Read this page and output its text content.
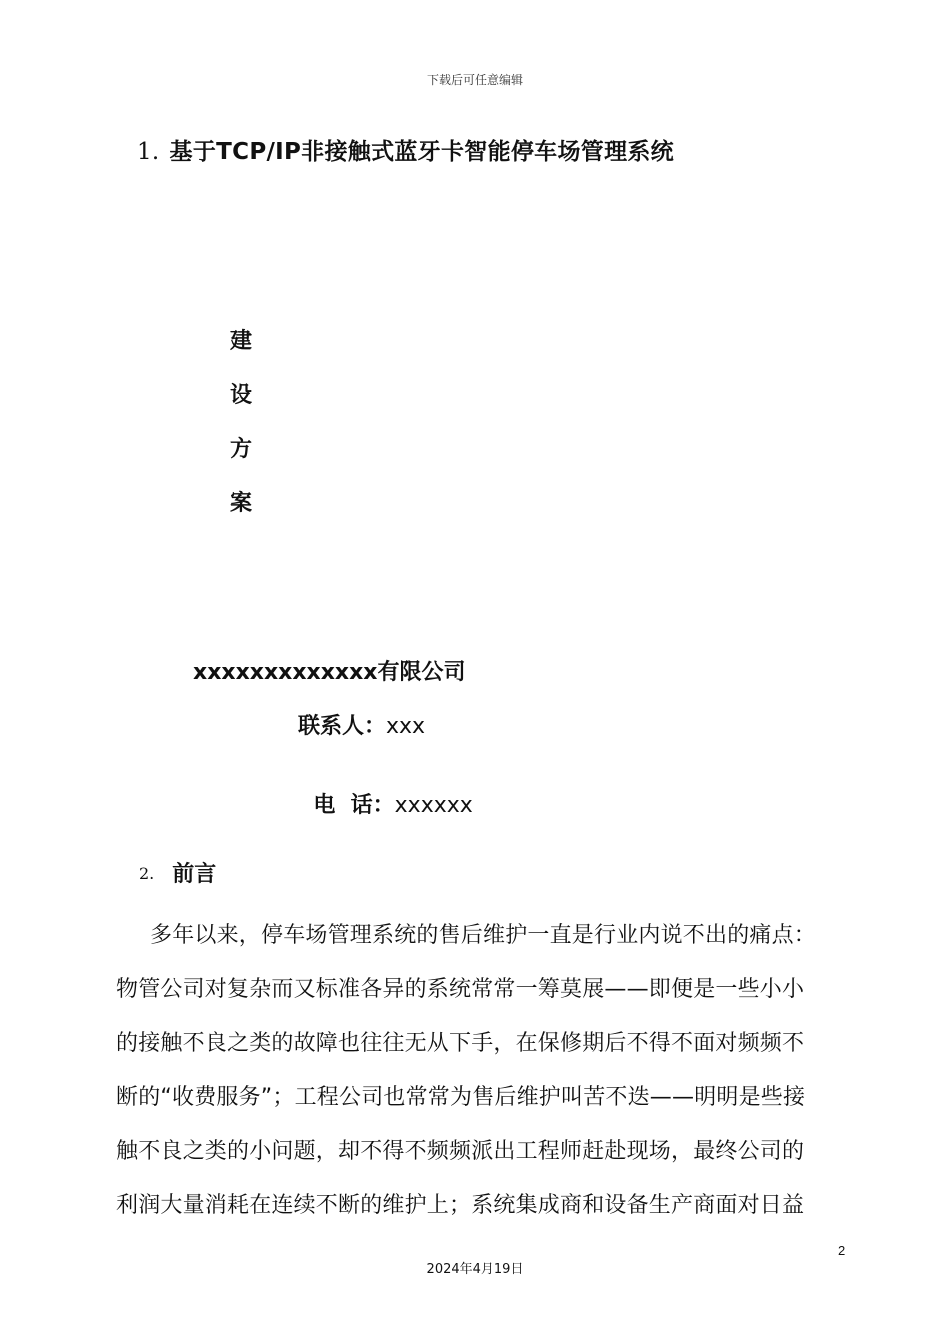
下载后可任意编辑
1. 基于TCP/IP非接触式蓝牙卡智能停车场管理系统
建
设
方
案
xxxxxxxxxxxxx有限公司
联系人：xxx

电  话：xxxxxx

2. 前言
多年以来，停车场管理系统的售后维护一直是行业内说不出的痛点：
物管公司对复杂而又标准各异的系统常常一筹莫展——即便是一些小小
的接触不良之类的故障也往往无从下手，在保修期后不得不面对频频不
断的“收费服务”；工程公司也常常为售后维护叫苦不迭——明明是些接
触不良之类的小问题，却不得不频频派出工程师赶赴现场，最终公司的
利润大量消耗在连续不断的维护上；系统集成商和设备生产商面对日益
2
2024年4月19日
